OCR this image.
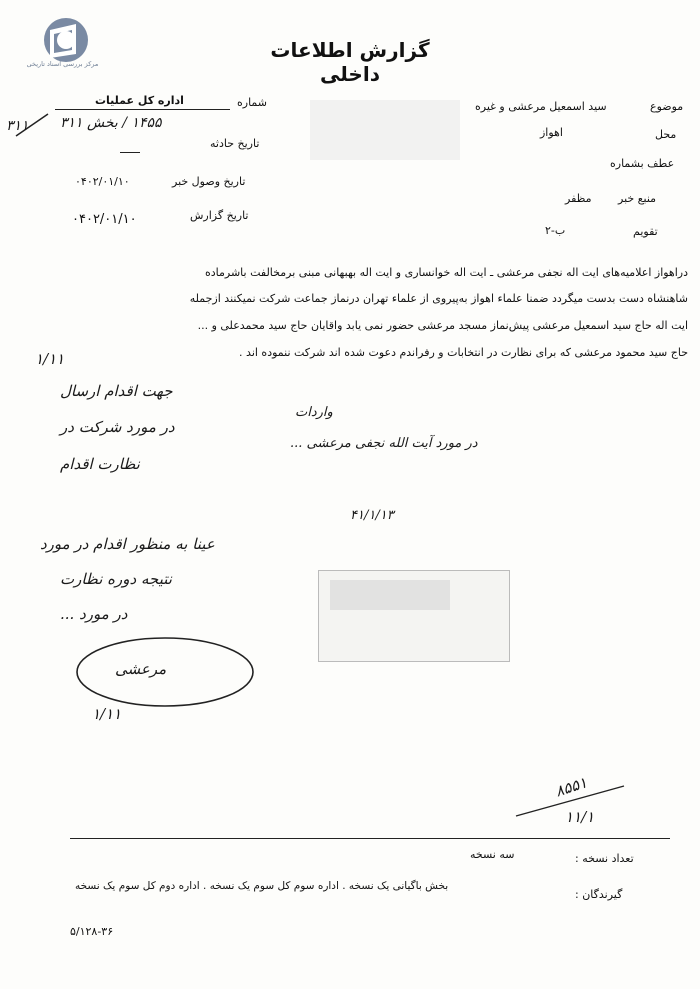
مرکز بررسی اسناد تاریخی
گزارش اطلاعات داخلی
شماره
اداره کل عملیات
۱۴۵۵ / بخش ۳۱۱
تاریخ حادثه
تاریخ وصول خبر
۰۴۰۲/۰۱/۱۰
تاریخ گزارش
۰۴۰۲/۰۱/۱۰
۳۱۱
موضوع
سید اسمعیل مرعشی و غیره
محل
اهواز
عطف بشماره
منبع خبر
مظفر
تقویم
ب-۲
دراهواز اعلامیه‌های ایت اله نجفی مرعشی ـ ایت اله خوانساری و ایت اله بهبهانی مبنی برمخالفت باشرماده
شاهنشاه دست بدست میگردد ضمنا علماء اهواز به‌پیروی از علماء تهران درنماز جماعت شرکت نمیکنند ازجمله
ایت اله حاج سید اسمعیل مرعشی پیش‌نماز مسجد مرعشی حضور نمی یابد واقایان حاج سید محمدعلی و ...
حاج سید محمود مرعشی که برای نظارت در انتخابات و رفراندم دعوت شده اند شرکت ننموده اند .
۱/۱۱
جهت اقدام ارسال
در مورد شرکت در
نظارت اقدام
واردات
در مورد آیت الله نجفی مرعشی ...
۴۱/۱/۱۳
عینا به منظور اقدام در مورد
نتیجه دوره نظارت
در مورد ...
مرعشی
۱/۱۱
۸۵۵۱
۱۱/۱
تعداد نسخه :
سه نسخه
بخش باگیانی یک نسخه . اداره سوم کل سوم یک نسخه . اداره دوم کل سوم یک نسخه
گیرندگان :
۵/۱۲۸-۳۶
